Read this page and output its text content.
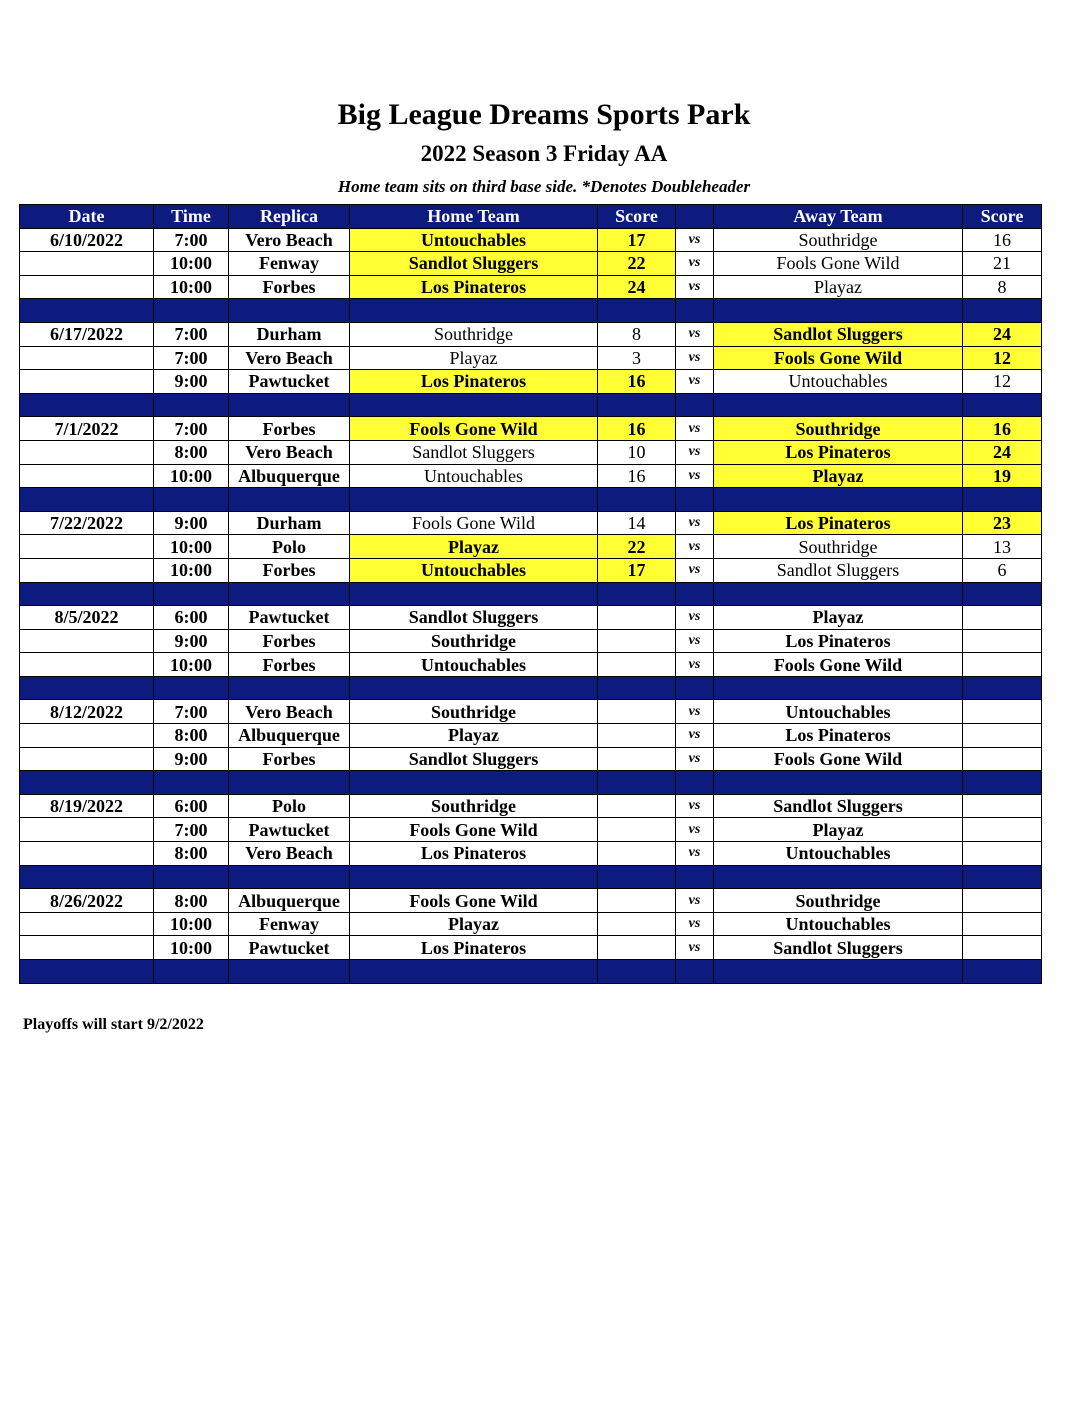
Big League Dreams Sports Park
2022 Season 3 Friday AA
Home team sits on third base side. *Denotes Doubleheader
Date	Time	Replica	Home Team	Score		Away Team	Score
6/10/2022	7:00	Vero Beach	Untouchables	17	vs	Southridge	16
	10:00	Fenway	Sandlot Sluggers	22	vs	Fools Gone Wild	21
	10:00	Forbes	Los Pinateros	24	vs	Playaz	8

6/17/2022	7:00	Durham	Southridge	8	vs	Sandlot Sluggers	24
	7:00	Vero Beach	Playaz	3	vs	Fools Gone Wild	12
	9:00	Pawtucket	Los Pinateros	16	vs	Untouchables	12

7/1/2022	7:00	Forbes	Fools Gone Wild	16	vs	Southridge	16
	8:00	Vero Beach	Sandlot Sluggers	10	vs	Los Pinateros	24
	10:00	Albuquerque	Untouchables	16	vs	Playaz	19

7/22/2022	9:00	Durham	Fools Gone Wild	14	vs	Los Pinateros	23
	10:00	Polo	Playaz	22	vs	Southridge	13
	10:00	Forbes	Untouchables	17	vs	Sandlot Sluggers	6

8/5/2022	6:00	Pawtucket	Sandlot Sluggers		vs	Playaz	
	9:00	Forbes	Southridge		vs	Los Pinateros	
	10:00	Forbes	Untouchables		vs	Fools Gone Wild	

8/12/2022	7:00	Vero Beach	Southridge		vs	Untouchables	
	8:00	Albuquerque	Playaz		vs	Los Pinateros	
	9:00	Forbes	Sandlot Sluggers		vs	Fools Gone Wild	

8/19/2022	6:00	Polo	Southridge		vs	Sandlot Sluggers	
	7:00	Pawtucket	Fools Gone Wild		vs	Playaz	
	8:00	Vero Beach	Los Pinateros		vs	Untouchables	

8/26/2022	8:00	Albuquerque	Fools Gone Wild		vs	Southridge	
	10:00	Fenway	Playaz		vs	Untouchables	
	10:00	Pawtucket	Los Pinateros		vs	Sandlot Sluggers	

Playoffs will start 9/2/2022
